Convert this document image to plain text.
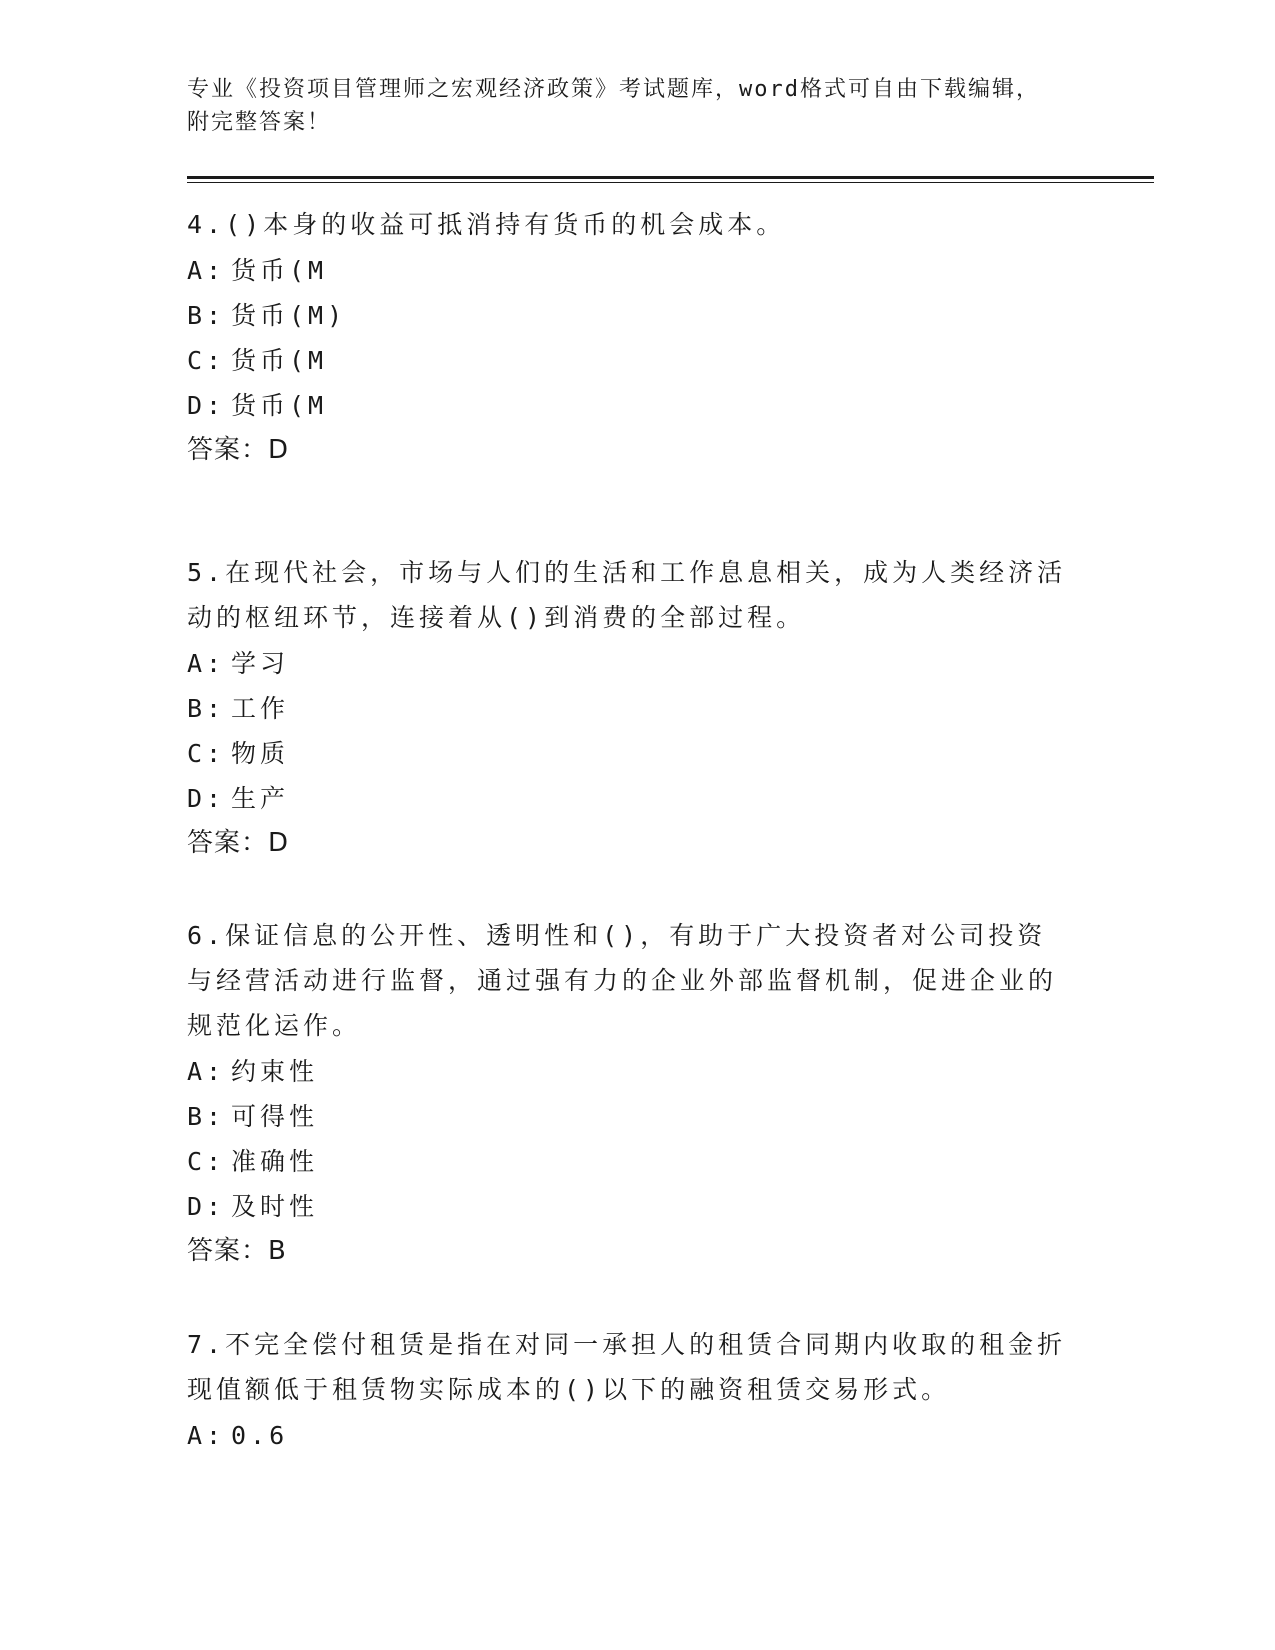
专业《投资项目管理师之宏观经济政策》考试题库，word格式可自由下载编辑，
附完整答案！
4.()本身的收益可抵消持有货币的机会成本。
A: 货币(M
B: 货币(M)
C: 货币(M
D: 货币(M
答案：D
5.在现代社会，市场与人们的生活和工作息息相关，成为人类经济活动的枢纽环节，连接着从()到消费的全部过程。
A: 学习
B: 工作
C: 物质
D: 生产
答案：D
6.保证信息的公开性、透明性和()，有助于广大投资者对公司投资与经营活动进行监督，通过强有力的企业外部监督机制，促进企业的规范化运作。
A: 约束性
B: 可得性
C: 准确性
D: 及时性
答案：B
7.不完全偿付租赁是指在对同一承担人的租赁合同期内收取的租金折现值额低于租赁物实际成本的()以下的融资租赁交易形式。
A: 0.6
